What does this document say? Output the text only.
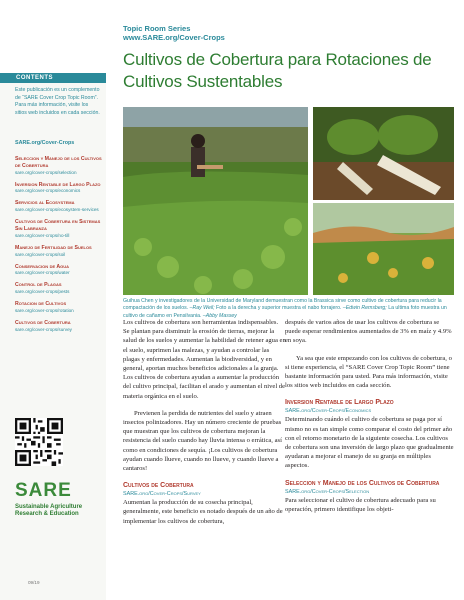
Topic Room Series
www.SARE.org/Cover-Crops
CONTENTS
Este publicación es un complemento de “SARE Cover Crop Topic Room”. Para más información, visite los sitios web incluidos en cada sección.
SARE.org/Cover-Crops
Seleccion y Manejo de los Cultivos de Cobertura
sare.org/cover-crops/selection
Inversion Rentable de Largo Plazo
sare.org/cover-crops/economics
Servicios al Ecosystema
sare.org/cover-crops/ecosystem-services
Cultivos de Cobertura en Sistemas Sin Labranza
sare.org/cover-crops/no-till
Manejo de Fertilidad de Suelos
sare.org/cover-crops/soil
Conservacion de Agua
sare.org/cover-crops/water
Control de Plagas
sare.org/cover-crops/pests
Rotacion de Cultivos
sare.org/cover-crops/rotation
Cultivos de Cobertura
sare.org/cover-crops/survey
SARE
Sustainable Agriculture Research & Education
09/19
Cultivos de Cobertura para Rotaciones de Cultivos Sustentables
Guihua Chen y investigadores de la Universidad de Maryland demuestran como la Brassica sirve como cultivo de cobertura para reducir la compactación de los suelos. –Ray Weil; Foto a la derecha y superior muestra el nabo forrajero. –Edwin Remsberg; La ultima foto muestra un cultivo de cañamo en Pensilvania. –Abby Massey

Los cultivos de cobertura son herramientas indispensables. Se plantan para disminuir la erosión de tierras, mejorar la salud de los suelos y aumentar la habilidad de retener agua en el suelo, suprimen las malezas, y ayudan a controlar las plagas y enfermedades. Aumentan la biodiversidad, y en general, aportan muchos beneficios adicionales a la granja. Los cultivos de cobertura ayudan a aumentar la producción del cultivo principal, facilitan el arado y aumentan el nivel de materia orgánica en el suelo.

Previenen la perdida de nutrientes del suelo y atraen insectos polinizadores. Hay un número creciente de pruebas que muestran que los cultivos de cobertura mejoran la resistencia del suelo cuando hay lluvia intensa o errática, así como en condiciones de sequía. ¡Los cultivos de cobertura ayudan cuando llueve, cuando no llueve, y cuando llueve a cantaros!

Cultivos de Cobertura
SARE.org/Cover-Crops/Survey

Aumentan la producción de su cosecha principal, generalmente, este beneficio es notado después de un año de implementar los cultivos de cobertura,

después de varios años de usar los cultivos de cobertura se puede esperar rendimientos aumentados de 3% en maíz y 4.9% en soya.

Ya sea que este empezando con los cultivos de cobertura, o si tiene experiencia, el “SARE Cover Crop Topic Room” tiene bastante información para usted. Para más información, visite los sitios web incluidos en cada sección.

Inversion Rentable de Largo Plazo
SARE.org/Cover-Crops/Economics

Determinando cuándo el cultivo de cobertura se paga por sí mismo no es tan simple como comparar el costo del primer año con el retorno monetario de la siguiente cosecha. Los cultivos de cobertura son una inversión de largo plazo que gradualmente ayudaran a mejorar el manejo de su granja en múltiples aspectos.

Seleccion y Manejo de los Cultivos de Cobertura
SARE.org/Cover-Crops/Selection

Para seleccionar el cultivo de cobertura adecuado para su operación, primero identifique los objeti-
